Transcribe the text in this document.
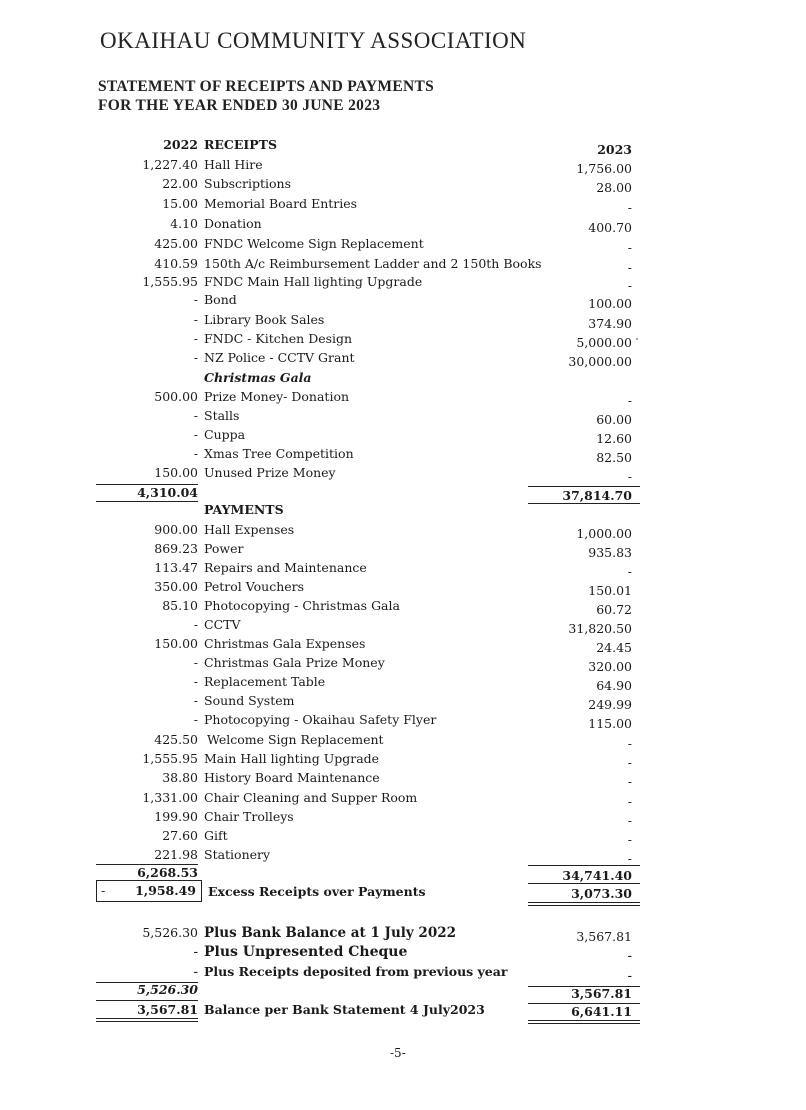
OKAIHAU COMMUNITY ASSOCIATION
STATEMENT OF RECEIPTS AND PAYMENTS
FOR THE YEAR ENDED 30 JUNE 2023
2022 RECEIPTS	2023
1,227.40 Hall Hire	1,756.00
22.00 Subscriptions	28.00
15.00 Memorial Board Entries	-
4.10 Donation	400.70
425.00 FNDC Welcome Sign Replacement	-
410.59 150th A/c Reimbursement Ladder and 2 150th Books	-
1,555.95 FNDC Main Hall lighting Upgrade	-
- Bond	100.00
- Library Book Sales	374.90
- FNDC - Kitchen Design	5,000.00
- NZ Police - CCTV Grant	30,000.00
Christmas Gala
500.00 Prize Money- Donation	-
- Stalls	60.00
- Cuppa	12.60
- Xmas Tree Competition	82.50
150.00 Unused Prize Money	-
4,310.04	37,814.70
PAYMENTS
900.00 Hall Expenses	1,000.00
869.23 Power	935.83
113.47 Repairs and Maintenance	-
350.00 Petrol Vouchers	150.01
85.10 Photocopying - Christmas Gala	60.72
- CCTV	31,820.50
150.00 Christmas Gala Expenses	24.45
- Christmas Gala Prize Money	320.00
- Replacement Table	64.90
- Sound System	249.99
- Photocopying - Okaihau Safety Flyer	115.00
425.50 Welcome Sign Replacement	-
1,555.95 Main Hall lighting Upgrade	-
38.80 History Board Maintenance	-
1,331.00 Chair Cleaning and Supper Room	-
199.90 Chair Trolleys	-
27.60 Gift	-
221.98 Stationery	-
6,268.53	34,741.40
- 1,958.49 Excess Receipts over Payments	3,073.30
5,526.30 Plus Bank Balance at 1 July 2022	3,567.81
- Plus Unpresented Cheque	-
- Plus Receipts deposited from previous year	-
5,526.30	3,567.81
3,567.81 Balance per Bank Statement 4 July2023	6,641.11
-5-
